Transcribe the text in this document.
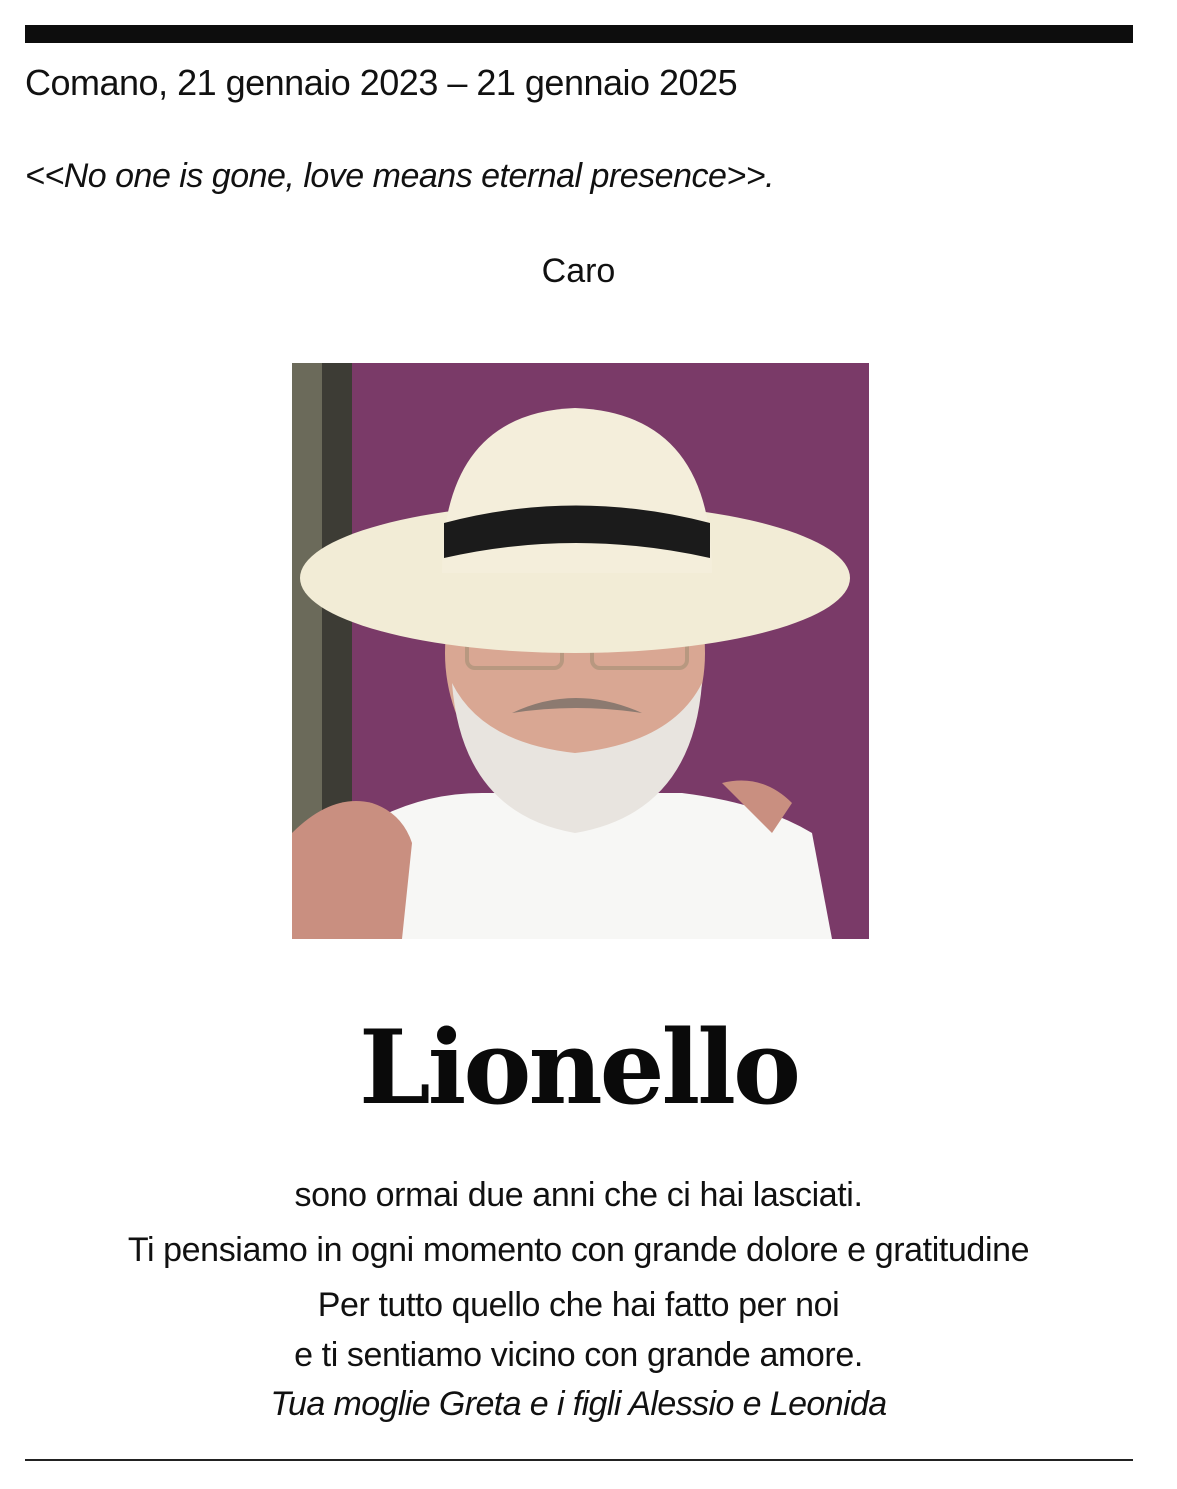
Comano, 21 gennaio 2023 – 21 gennaio 2025
<<No one is gone, love means eternal presence>>.
Caro
Lionello
sono ormai due anni che ci hai lasciati.
Ti pensiamo in ogni momento con grande dolore e gratitudine
Per tutto quello che hai fatto per noi
e ti sentiamo vicino con grande amore.
Tua moglie Greta e i figli Alessio e Leonida
